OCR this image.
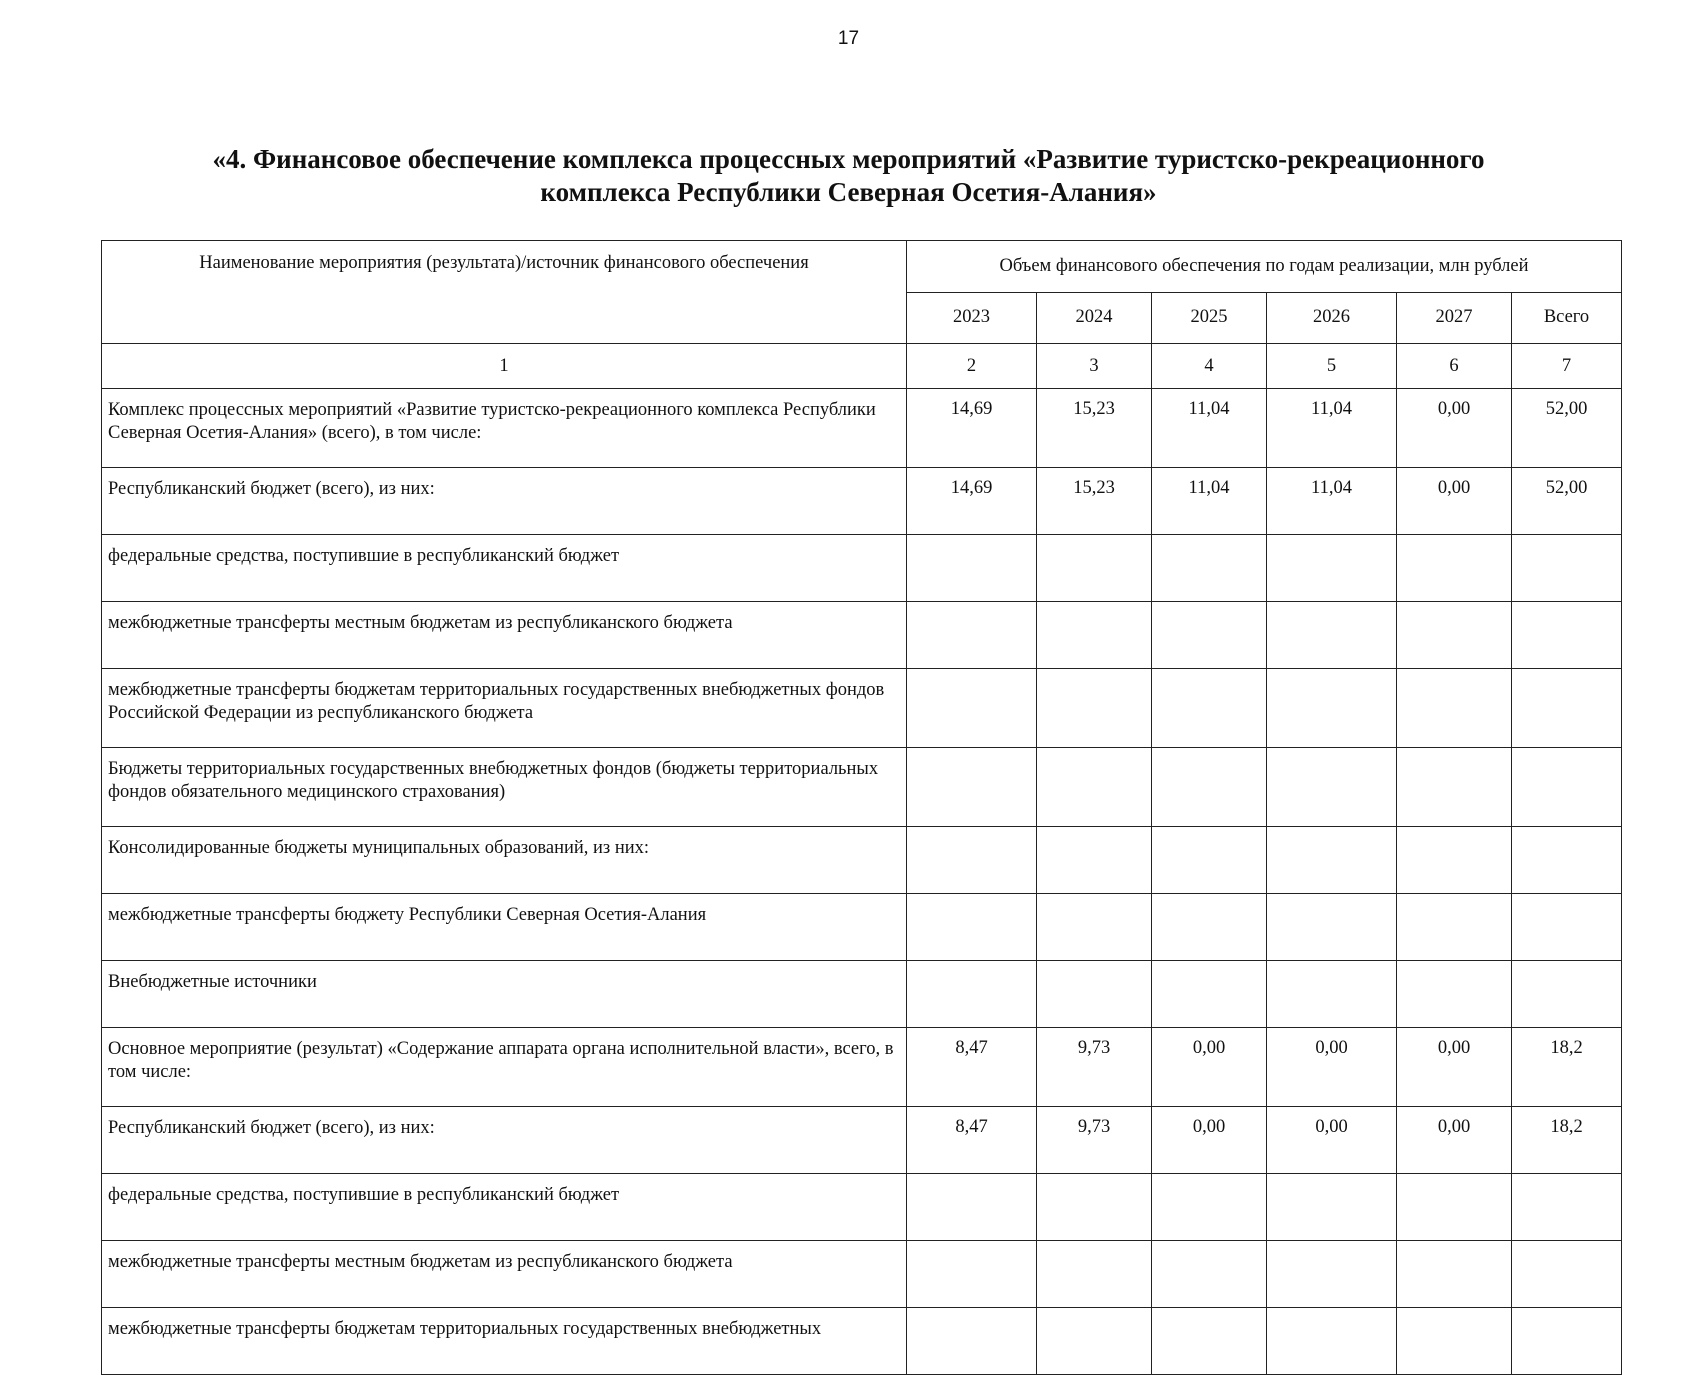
17
«4. Финансовое обеспечение комплекса процессных мероприятий «Развитие туристско-рекреационного
комплекса Республики Северная Осетия-Алания»
Наименование мероприятия (результата)/источник финансового обеспечения	Объем финансового обеспечения по годам реализации, млн рублей					
	2023	2024	2025	2026	2027	Всего
1	2	3	4	5	6	7
Комплекс процессных мероприятий «Развитие туристско-рекреационного комплекса Республики Северная Осетия-Алания» (всего), в том числе:	14,69	15,23	11,04	11,04	0,00	52,00
Республиканский бюджет (всего), из них:	14,69	15,23	11,04	11,04	0,00	52,00
федеральные средства, поступившие в республиканский бюджет						
межбюджетные трансферты местным бюджетам из республиканского бюджета						
межбюджетные трансферты бюджетам территориальных государственных внебюджетных фондов Российской Федерации из республиканского бюджета						
Бюджеты территориальных государственных внебюджетных фондов (бюджеты территориальных фондов обязательного медицинского страхования)						
Консолидированные бюджеты муниципальных образований, из них:						
межбюджетные трансферты бюджету Республики Северная Осетия-Алания						
Внебюджетные источники						
Основное мероприятие (результат) «Содержание аппарата органа исполнительной власти», всего, в том числе:	8,47	9,73	0,00	0,00	0,00	18,2
Республиканский бюджет (всего), из них:	8,47	9,73	0,00	0,00	0,00	18,2
федеральные средства, поступившие в республиканский бюджет						
межбюджетные трансферты местным бюджетам из республиканского бюджета						
межбюджетные трансферты бюджетам территориальных государственных внебюджетных						
